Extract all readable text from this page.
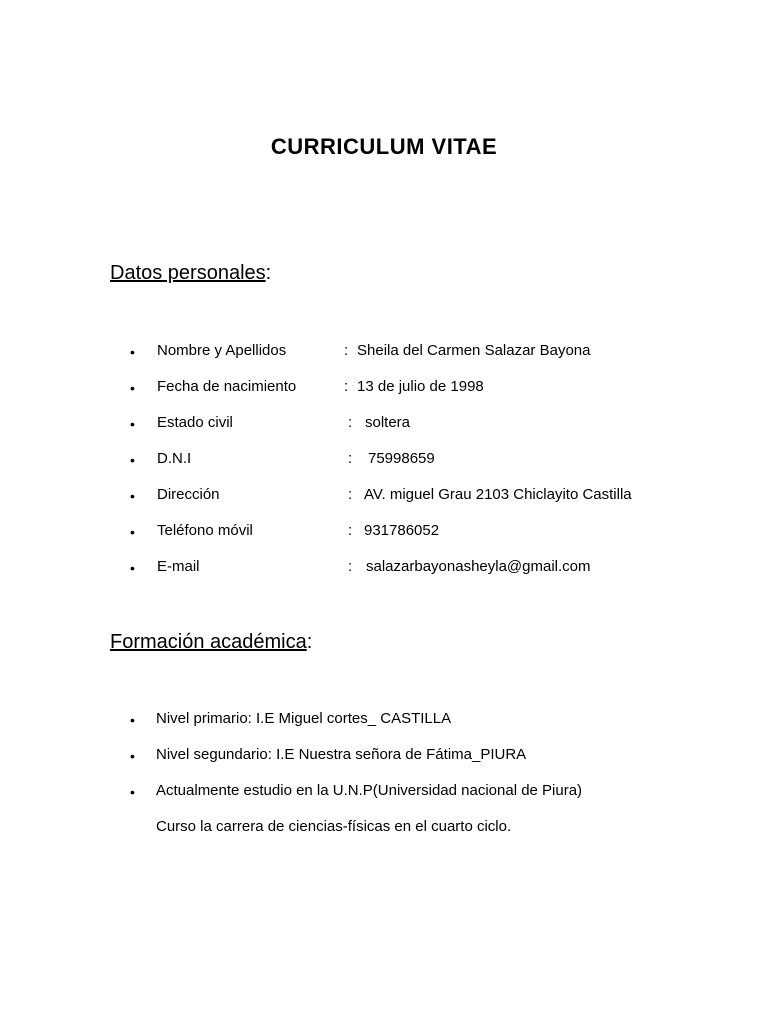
CURRICULUM VITAE
Datos personales:
• Nombre y Apellidos	: Sheila del Carmen Salazar Bayona
• Fecha de nacimiento	: 13 de julio de 1998
• Estado civil	: soltera
• D.N.I	: 75998659
• Dirección	: AV. miguel Grau 2103 Chiclayito Castilla
• Teléfono móvil	: 931786052
• E-mail	: salazarbayonasheyla@gmail.com
Formación académica:
• Nivel primario: I.E Miguel cortes_ CASTILLA
• Nivel segundario: I.E Nuestra señora de Fátima_PIURA
• Actualmente estudio en la U.N.P(Universidad nacional de Piura)
Curso la carrera de ciencias-físicas en el cuarto ciclo.
